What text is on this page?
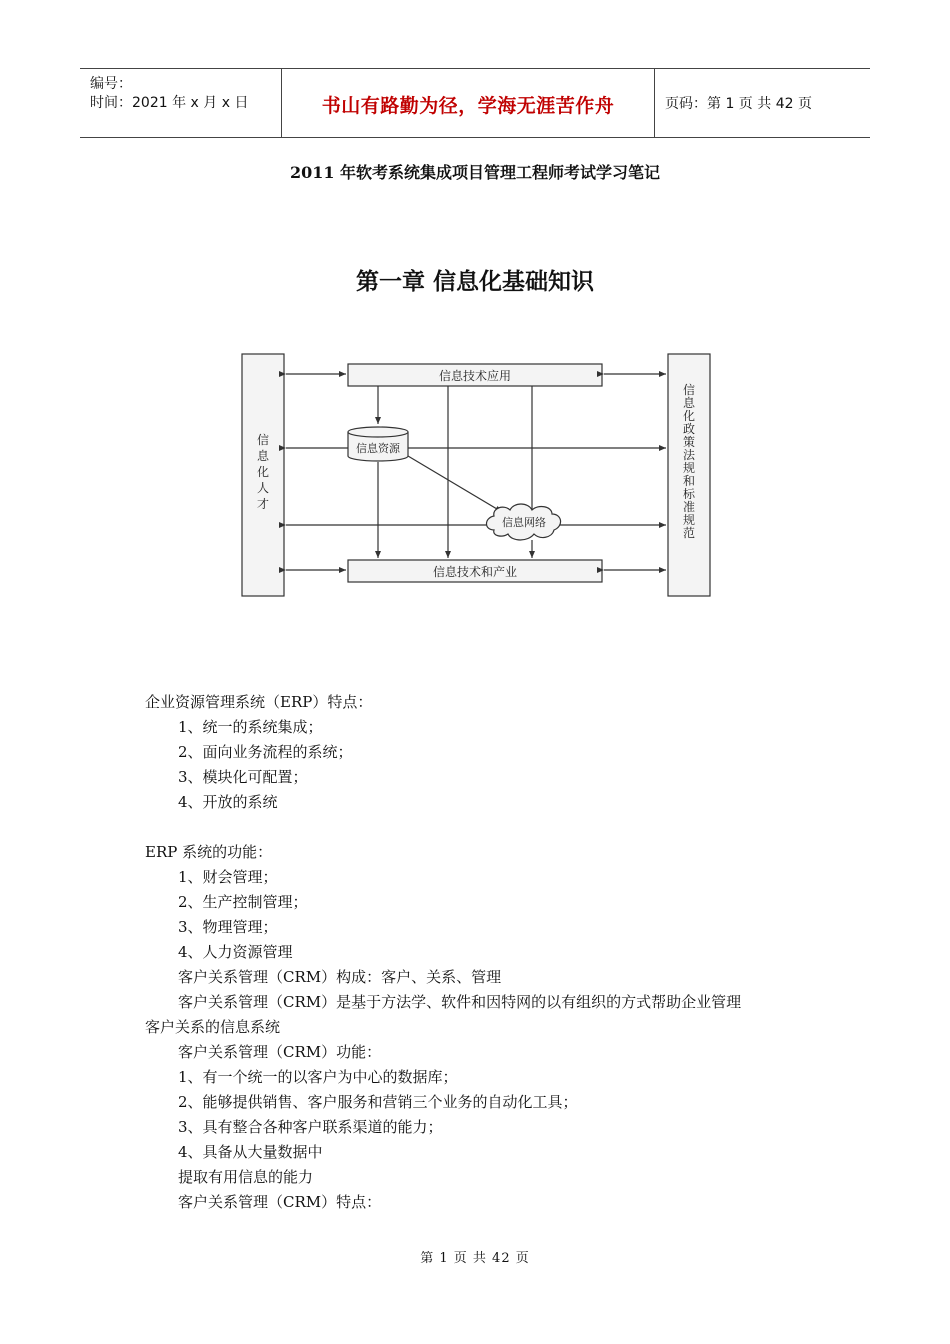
编号：
时间：2021 年 x 月 x 日	书山有路勤为径，学海无涯苦作舟	页码：第 1 页 共 42 页
2011 年软考系统集成项目管理工程师考试学习笔记
第一章 信息化基础知识
信息技术应用
信息技术和产业
信息资源
信息网络
信息化人才
信息化政策法规和标准规范

企业资源管理系统（ERP）特点：

1、统一的系统集成；

2、面向业务流程的系统；

3、模块化可配置；

4、开放的系统

ERP 系统的功能：

1、财会管理；

2、生产控制管理；

3、物理管理；

4、人力资源管理

客户关系管理（CRM）构成：客户、关系、管理

客户关系管理（CRM）是基于方法学、软件和因特网的以有组织的方式帮助企业管理

客户关系的信息系统

客户关系管理（CRM）功能：

1、有一个统一的以客户为中心的数据库；

2、能够提供销售、客户服务和营销三个业务的自动化工具；

3、具有整合各种客户联系渠道的能力；

4、具备从大量数据中

提取有用信息的能力

客户关系管理（CRM）特点：

第 1 页 共 42 页
